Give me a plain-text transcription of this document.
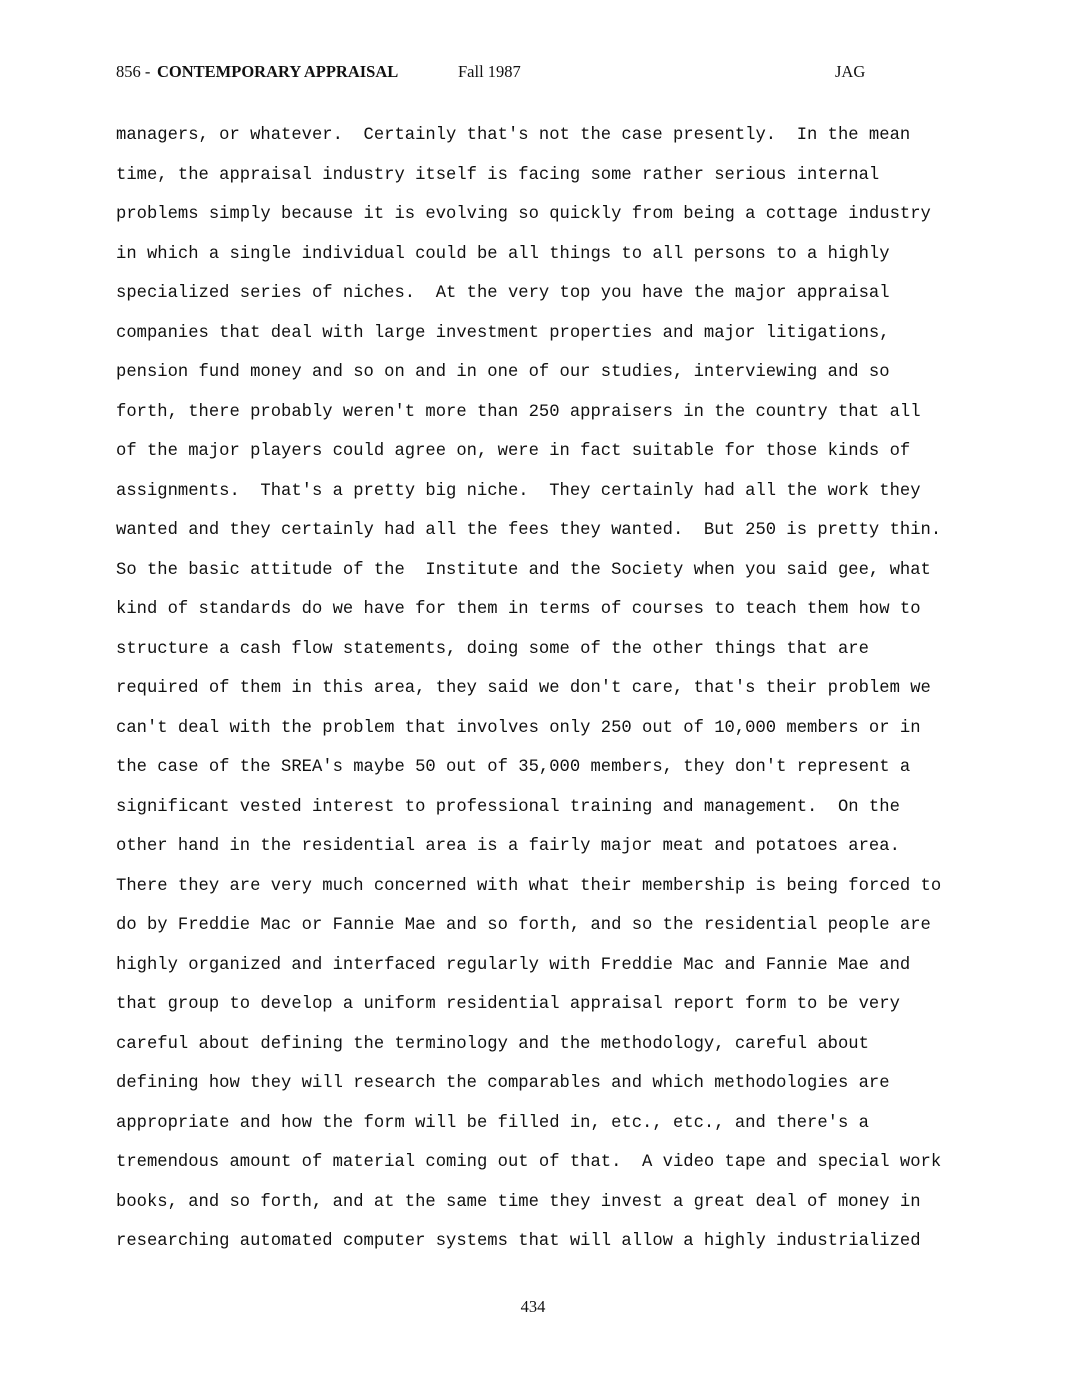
856 - CONTEMPORARY APPRAISAL	Fall 1987	JAG
managers, or whatever.  Certainly that's not the case presently.  In the mean
time, the appraisal industry itself is facing some rather serious internal
problems simply because it is evolving so quickly from being a cottage industry
in which a single individual could be all things to all persons to a highly
specialized series of niches.  At the very top you have the major appraisal
companies that deal with large investment properties and major litigations,
pension fund money and so on and in one of our studies, interviewing and so
forth, there probably weren't more than 250 appraisers in the country that all
of the major players could agree on, were in fact suitable for those kinds of
assignments.  That's a pretty big niche.  They certainly had all the work they
wanted and they certainly had all the fees they wanted.  But 250 is pretty thin.
So the basic attitude of the  Institute and the Society when you said gee, what
kind of standards do we have for them in terms of courses to teach them how to
structure a cash flow statements, doing some of the other things that are
required of them in this area, they said we don't care, that's their problem we
can't deal with the problem that involves only 250 out of 10,000 members or in
the case of the SREA's maybe 50 out of 35,000 members, they don't represent a
significant vested interest to professional training and management.  On the
other hand in the residential area is a fairly major meat and potatoes area.
There they are very much concerned with what their membership is being forced to
do by Freddie Mac or Fannie Mae and so forth, and so the residential people are
highly organized and interfaced regularly with Freddie Mac and Fannie Mae and
that group to develop a uniform residential appraisal report form to be very
careful about defining the terminology and the methodology, careful about
defining how they will research the comparables and which methodologies are
appropriate and how the form will be filled in, etc., etc., and there's a
tremendous amount of material coming out of that.  A video tape and special work
books, and so forth, and at the same time they invest a great deal of money in
researching automated computer systems that will allow a highly industrialized
434
